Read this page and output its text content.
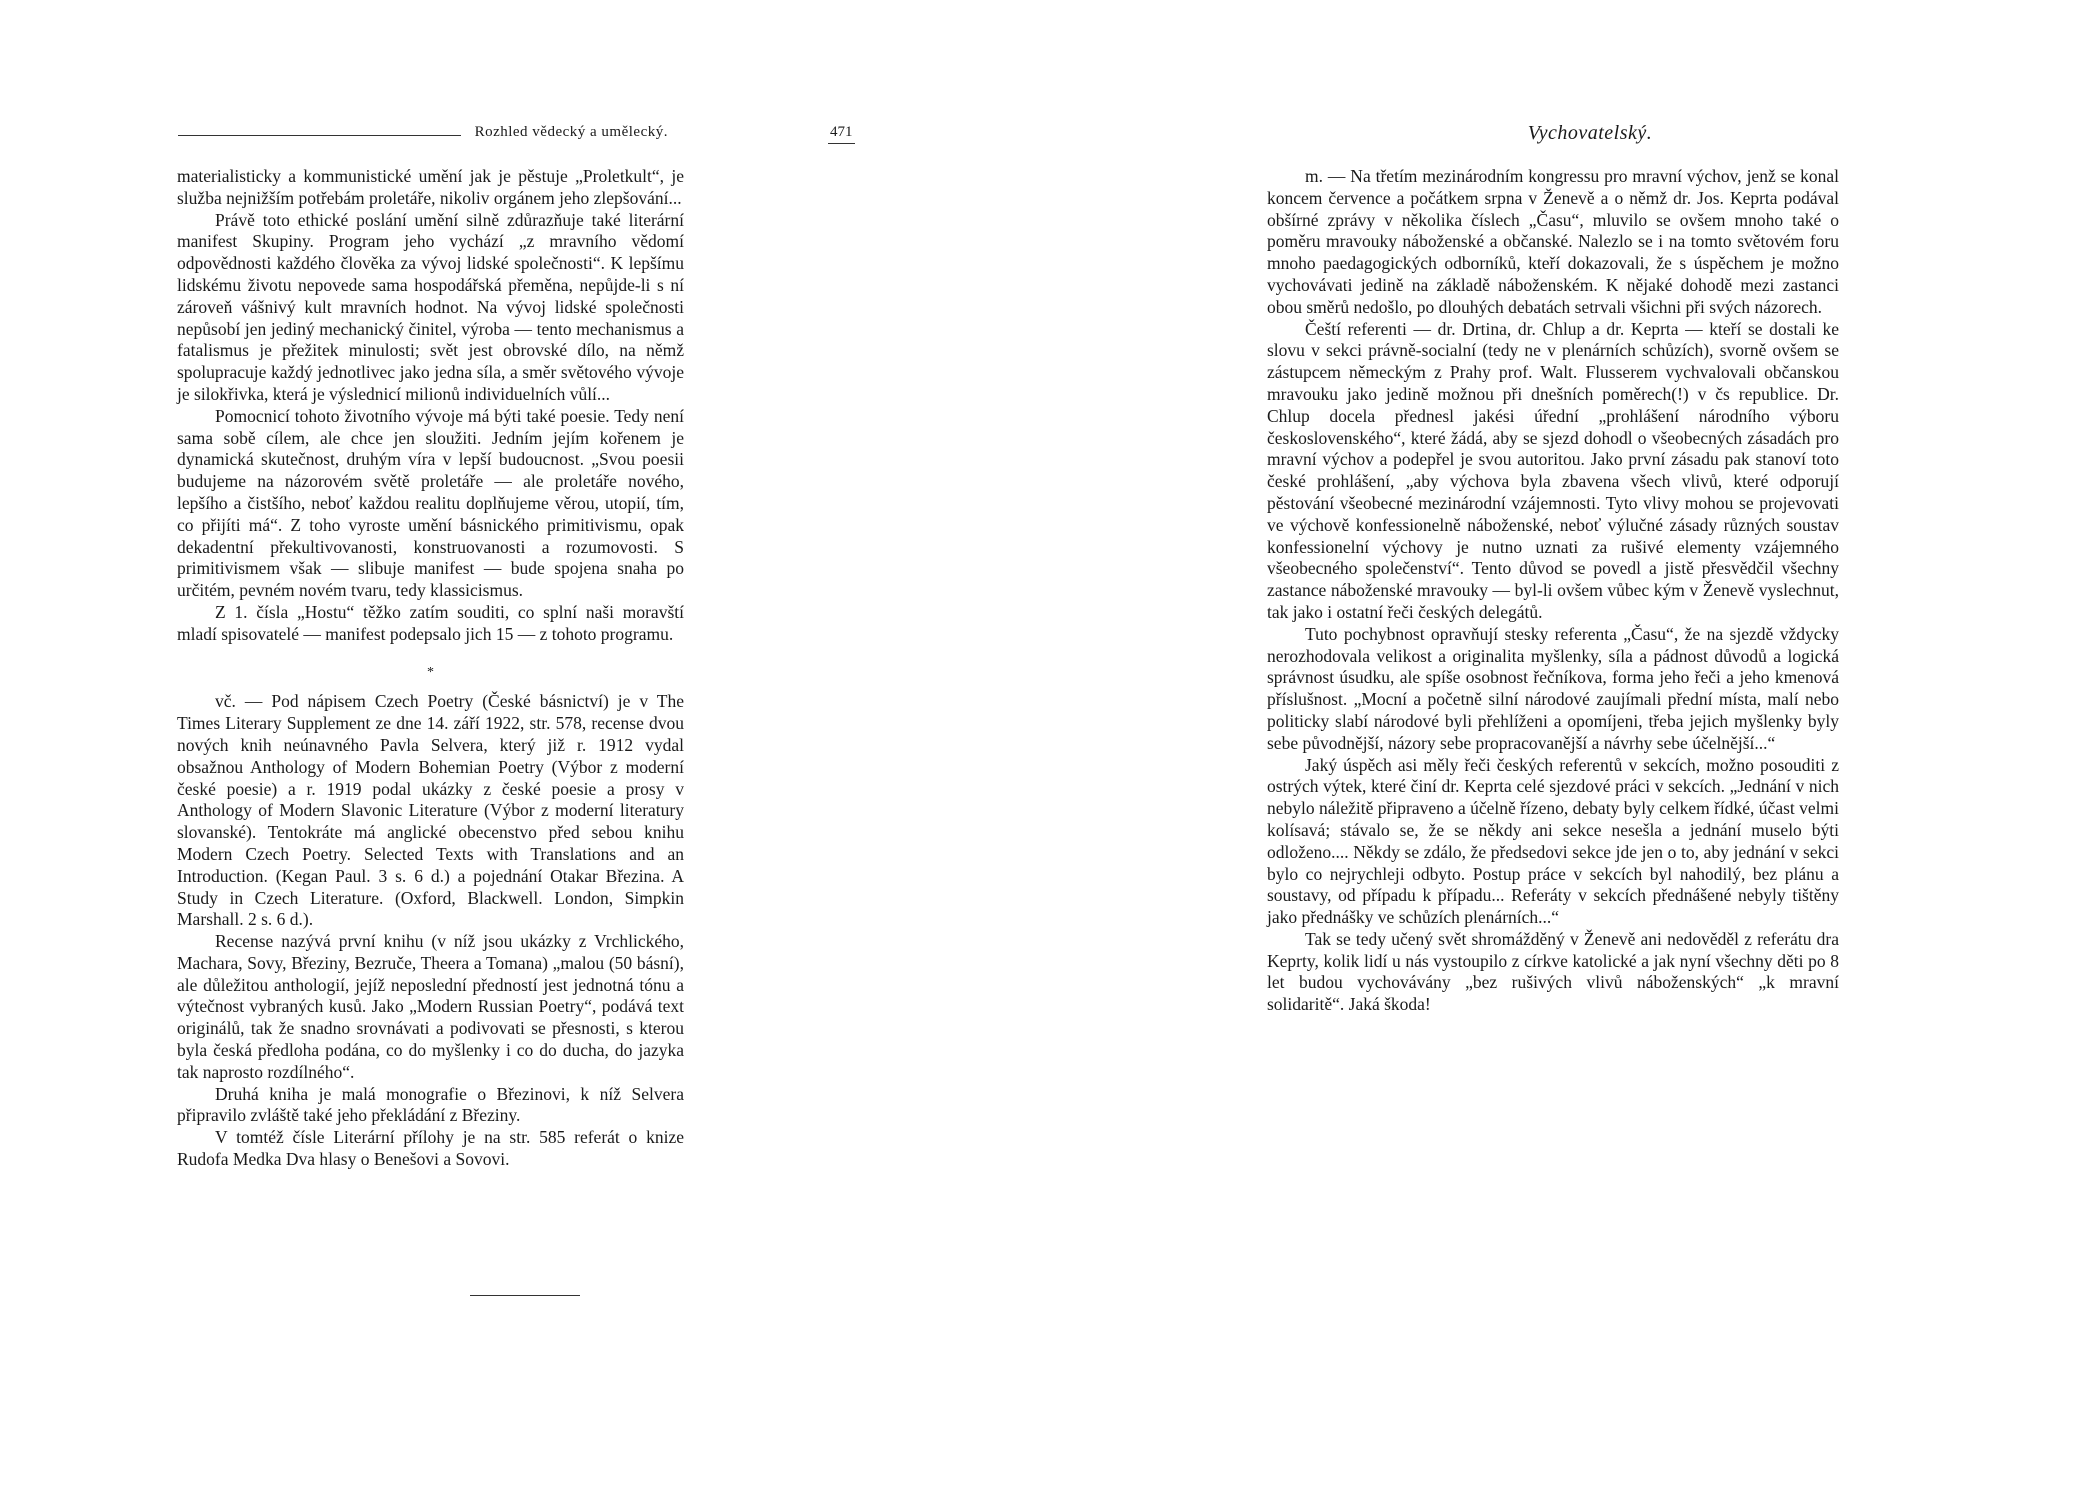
Rozhled vědecký a umělecký.	471

materialisticky a kommunistické umění jak je pěstuje „Proletkult“, je služba nejnižším potřebám proletáře, nikoliv orgánem jeho zlepšování...

Právě toto ethické poslání umění silně zdůrazňuje také literární manifest Skupiny. Program jeho vychází „z mravního vědomí odpovědnosti každého člověka za vývoj lidské společnosti“. K lepšímu lidskému životu nepovede sama hospodářská přeměna, nepůjde-li s ní zároveň vášnivý kult mravních hodnot. Na vývoj lidské společnosti nepůsobí jen jediný mechanický činitel, výroba — tento mechanismus a fatalismus je přežitek minulosti; svět jest obrovské dílo, na němž spolupracuje každý jednotlivec jako jedna síla, a směr světového vývoje je silokřivka, která je výslednicí milionů individuelních vůlí...

Pomocnicí tohoto životního vývoje má býti také poesie. Tedy není sama sobě cílem, ale chce jen sloužiti. Jedním jejím kořenem je dynamická skutečnost, druhým víra v lepší budoucnost. „Svou poesii budujeme na názorovém světě proletáře — ale proletáře nového, lepšího a čistšího, neboť každou realitu doplňujeme věrou, utopií, tím, co přijíti má“. Z toho vyroste umění básnického primitivismu, opak dekadentní překultivovanosti, konstruovanosti a rozumovosti. S primitivismem však — slibuje manifest — bude spojena snaha po určitém, pevném novém tvaru, tedy klassicismus.

Z 1. čísla „Hostu“ těžko zatím souditi, co splní naši moravští mladí spisovatelé — manifest podepsalo jich 15 — z tohoto programu.

*

vč. — Pod nápisem Czech Poetry (České básnictví) je v The Times Literary Supplement ze dne 14. září 1922, str. 578, recense dvou nových knih neúnavného Pavla Selvera, který již r. 1912 vydal obsažnou Anthology of Modern Bohemian Poetry (Výbor z moderní české poesie) a r. 1919 podal ukázky z české poesie a prosy v Anthology of Modern Slavonic Literature (Výbor z moderní literatury slovanské). Tentokráte má anglické obecenstvo před sebou knihu Modern Czech Poetry. Selected Texts with Translations and an Introduction. (Kegan Paul. 3 s. 6 d.) a pojednání Otakar Březina. A Study in Czech Literature. (Oxford, Blackwell. London, Simpkin Marshall. 2 s. 6 d.).

Recense nazývá první knihu (v níž jsou ukázky z Vrchlického, Machara, Sovy, Březiny, Bezruče, Theera a Tomana) „malou (50 básní), ale důležitou anthologií, jejíž neposlední předností jest jednotná tónu a výtečnost vybraných kusů. Jako „Modern Russian Poetry“, podává text originálů, tak že snadno srovnávati a podivovati se přesnosti, s kterou byla česká předloha podána, co do myšlenky i co do ducha, do jazyka tak naprosto rozdílného“.

Druhá kniha je malá monografie o Březinovi, k níž Selvera připravilo zvláště také jeho překládání z Březiny.

V tomtéž čísle Literární přílohy je na str. 585 referát o knize Rudofa Medka Dva hlasy o Benešovi a Sovovi.

Vychovatelský.

m. — Na třetím mezinárodním kongressu pro mravní výchov, jenž se konal koncem července a počátkem srpna v Ženevě a o němž dr. Jos. Keprta podával obšírné zprávy v několika číslech „Času“, mluvilo se ovšem mnoho také o poměru mravouky náboženské a občanské. Nalezlo se i na tomto světovém foru mnoho paedagogických odborníků, kteří dokazovali, že s úspěchem je možno vychovávati jedině na základě náboženském. K nějaké dohodě mezi zastanci obou směrů nedošlo, po dlouhých debatách setrvali všichni při svých názorech.

Čeští referenti — dr. Drtina, dr. Chlup a dr. Keprta — kteří se dostali ke slovu v sekci právně-socialní (tedy ne v plenárních schůzích), svorně ovšem se zástupcem německým z Prahy prof. Walt. Flusserem vychvalovali občanskou mravouku jako jedině možnou při dnešních poměrech(!) v čs republice. Dr. Chlup docela přednesl jakési úřední „prohlášení národního výboru československého“, které žádá, aby se sjezd dohodl o všeobecných zásadách pro mravní výchov a podepřel je svou autoritou. Jako první zásadu pak stanoví toto české prohlášení, „aby výchova byla zbavena všech vlivů, které odporují pěstování všeobecné mezinárodní vzájemnosti. Tyto vlivy mohou se projevovati ve výchově konfessionelně náboženské, neboť výlučné zásady různých soustav konfessionelní výchovy je nutno uznati za rušivé elementy vzájemného všeobecného společenství“. Tento důvod se povedl a jistě přesvědčil všechny zastance náboženské mravouky — byl-li ovšem vůbec kým v Ženevě vyslechnut, tak jako i ostatní řeči českých delegátů.

Tuto pochybnost opravňují stesky referenta „Času“, že na sjezdě vždycky nerozhodovala velikost a originalita myšlenky, síla a pádnost důvodů a logická správnost úsudku, ale spíše osobnost řečníkova, forma jeho řeči a jeho kmenová příslušnost. „Mocní a početně silní národové zaujímali přední místa, malí nebo politicky slabí národové byli přehlíženi a opomíjeni, třeba jejich myšlenky byly sebe původnější, názory sebe propracovanější a návrhy sebe účelnější...“

Jaký úspěch asi měly řeči českých referentů v sekcích, možno posouditi z ostrých výtek, které činí dr. Keprta celé sjezdové práci v sekcích. „Jednání v nich nebylo náležitě připraveno a účelně řízeno, debaty byly celkem řídké, účast velmi kolísavá; stávalo se, že se někdy ani sekce nesešla a jednání muselo býti odloženo.... Někdy se zdálo, že předsedovi sekce jde jen o to, aby jednání v sekci bylo co nejrychleji odbyto. Postup práce v sekcích byl nahodilý, bez plánu a soustavy, od případu k případu... Referáty v sekcích přednášené nebyly tištěny jako přednášky ve schůzích plenárních...“

Tak se tedy učený svět shromážděný v Ženevě ani nedověděl z referátu dra Keprty, kolik lidí u nás vystoupilo z církve katolické a jak nyní všechny děti po 8 let budou vychovávány „bez rušivých vlivů náboženských“ „k mravní solidaritě“. Jaká škoda!
